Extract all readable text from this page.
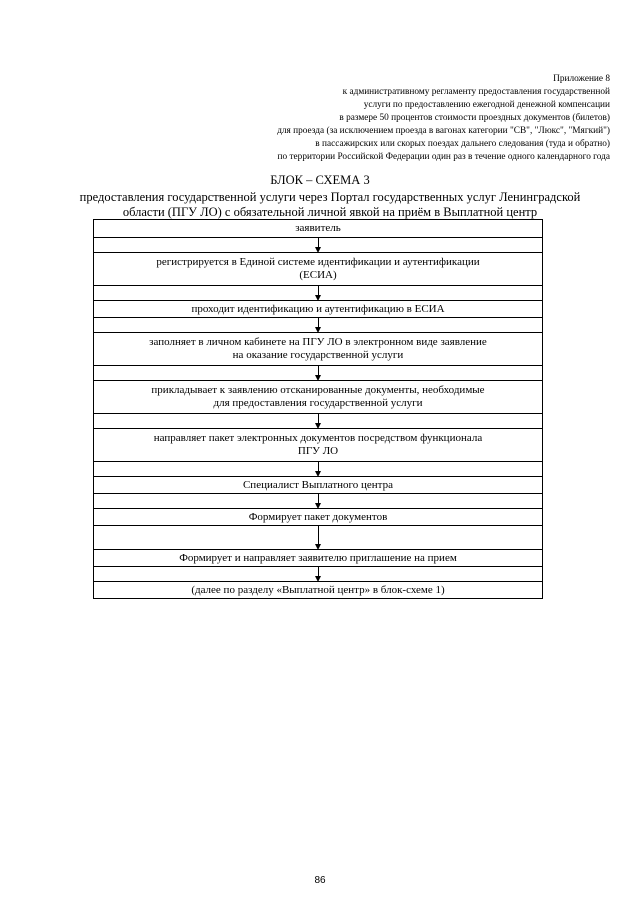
Приложение 8
к административному регламенту предоставления государственной
услуги по предоставлению ежегодной денежной компенсации
в размере 50 процентов стоимости проездных документов (билетов)
для проезда (за исключением проезда в вагонах категории "СВ", "Люкс", "Мягкий")
в пассажирских или скорых поездах дальнего следования (туда и обратно)
по территории Российской Федерации один раз в течение одного календарного года
БЛОК – СХЕМА 3
предоставления государственной услуги через Портал государственных услуг Ленинградской
области (ПГУ ЛО) с обязательной личной явкой на приём в Выплатной центр
заявитель
регистрируется в Единой системе идентификации и аутентификации
(ЕСИА)
проходит идентификацию и аутентификацию в ЕСИА
заполняет в личном кабинете на ПГУ ЛО в электронном виде заявление
на оказание государственной услуги
прикладывает к заявлению отсканированные документы, необходимые
для предоставления государственной услуги
направляет пакет электронных документов посредством функционала
ПГУ ЛО
Специалист Выплатного центра
Формирует пакет документов
Формирует и направляет заявителю приглашение на прием
(далее по разделу «Выплатной центр» в блок-схеме 1)
86
